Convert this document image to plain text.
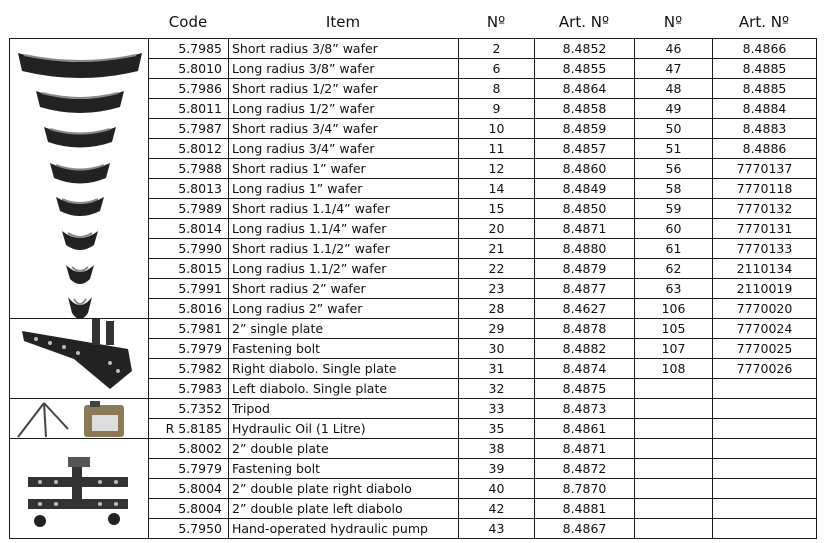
Code	Item	Nº	Art. Nº	Nº	Art. Nº
	5.7985	Short radius 3/8” wafer	2	8.4852	46	8.4866
	5.8010	Long radius 3/8” wafer	6	8.4855	47	8.4885
	5.7986	Short radius 1/2” wafer	8	8.4864	48	8.4885
	5.8011	Long radius 1/2” wafer	9	8.4858	49	8.4884
	5.7987	Short radius 3/4” wafer	10	8.4859	50	8.4883
	5.8012	Long radius 3/4” wafer	11	8.4857	51	8.4886
	5.7988	Short radius 1” wafer	12	8.4860	56	7770137
	5.8013	Long radius 1” wafer	14	8.4849	58	7770118
	5.7989	Short radius 1.1/4” wafer	15	8.4850	59	7770132
	5.8014	Long radius 1.1/4” wafer	20	8.4871	60	7770131
	5.7990	Short radius 1.1/2” wafer	21	8.4880	61	7770133
	5.8015	Long radius 1.1/2” wafer	22	8.4879	62	2110134
	5.7991	Short radius 2” wafer	23	8.4877	63	2110019
	5.8016	Long radius 2” wafer	28	8.4627	106	7770020

	5.7981	2” single plate	29	8.4878	105	7770024
	5.7979	Fastening bolt	30	8.4882	107	7770025
	5.7982	Right diabolo. Single plate	31	8.4874	108	7770026
	5.7983	Left diabolo. Single plate	32	8.4875		

	5.7352	Tripod	33	8.4873		
	R 5.8185	Hydraulic Oil (1 Litre)	35	8.4861		

	5.8002	2” double plate	38	8.4871		
	5.7979	Fastening bolt	39	8.4872		
	5.8004	2” double plate right diabolo	40	8.7870		
	5.8004	2” double plate left diabolo	42	8.4881		
	5.7950	Hand-operated hydraulic pump	43	8.4867		
